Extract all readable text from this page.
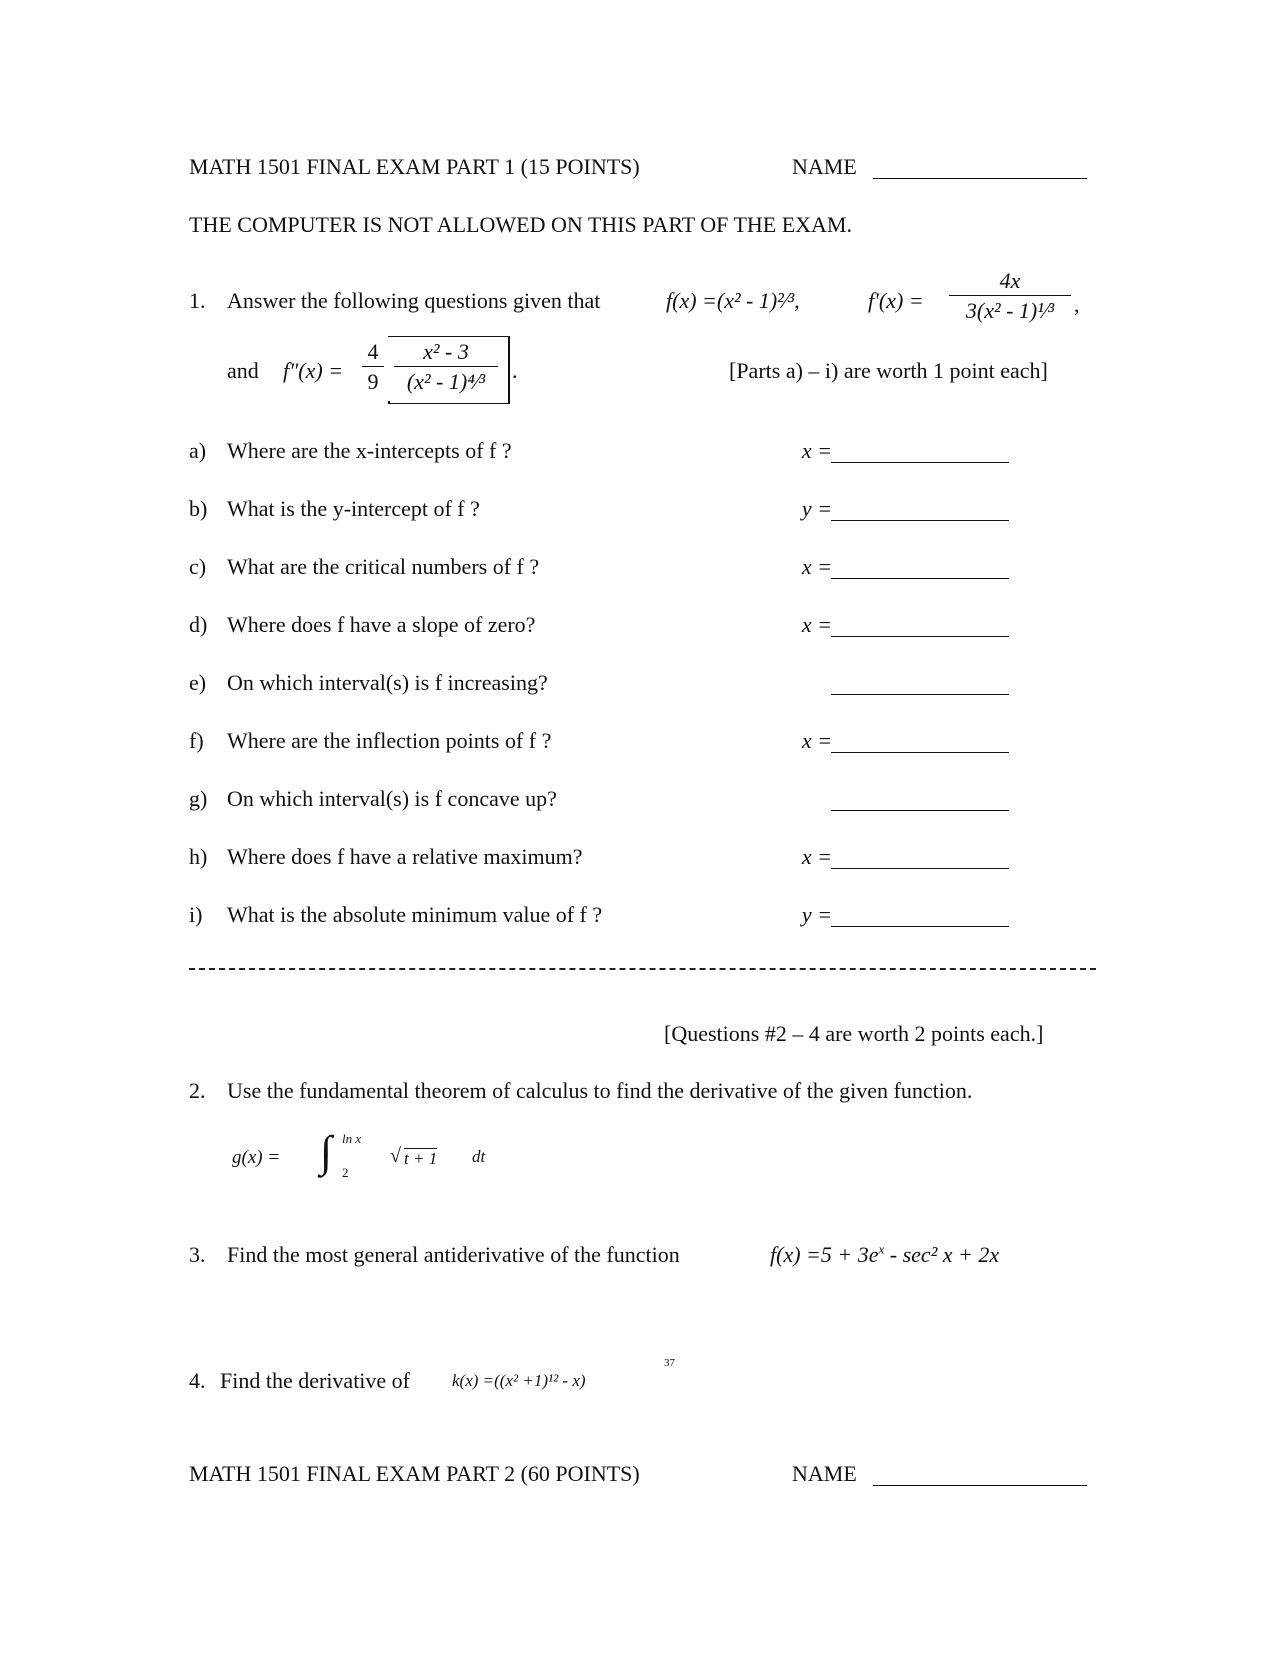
MATH 1501 FINAL EXAM PART 1 (15 POINTS)	NAME
THE COMPUTER IS NOT ALLOWED ON THIS PART OF THE EXAM.
1. Answer the following questions given that	f(x) =(x² - 1)²⁄³,	$f'(x) = \frac{4x}{\text{3(x² - 1)¹⁄³}}$ ,
and $f''(x) = \frac{4}{9} \frac{\text{x² - 3}}{\text{(x² - 1)⁴⁄³}}$ .	[Parts a) – i) are worth 1 point each]
a) Where are the x-intercepts of f ?	x =
b) What is the y-intercept of f ?	y =
c) What are the critical numbers of f ?	x =
d) Where does f have a slope of zero?	x =
e) On which interval(s) is f increasing?
f) Where are the inflection points of f ?	x =
g) On which interval(s) is f concave up?
h) Where does f have a relative maximum?	x =
i) What is the absolute minimum value of f ?	y =
[Questions #2 – 4 are worth 2 points each.]
2. Use the fundamental theorem of calculus to find the derivative of the given function.
g(x) = ∫ ln x
2
√ t + 1 dt
3. Find the most general antiderivative of the function	$f(x) =5 + 3e^x - \sec^2$ x + 2x
4. Find the derivative of k(x) =((x² +1)¹² - x)
37
MATH 1501 FINAL EXAM PART 2 (60 POINTS)	NAME
